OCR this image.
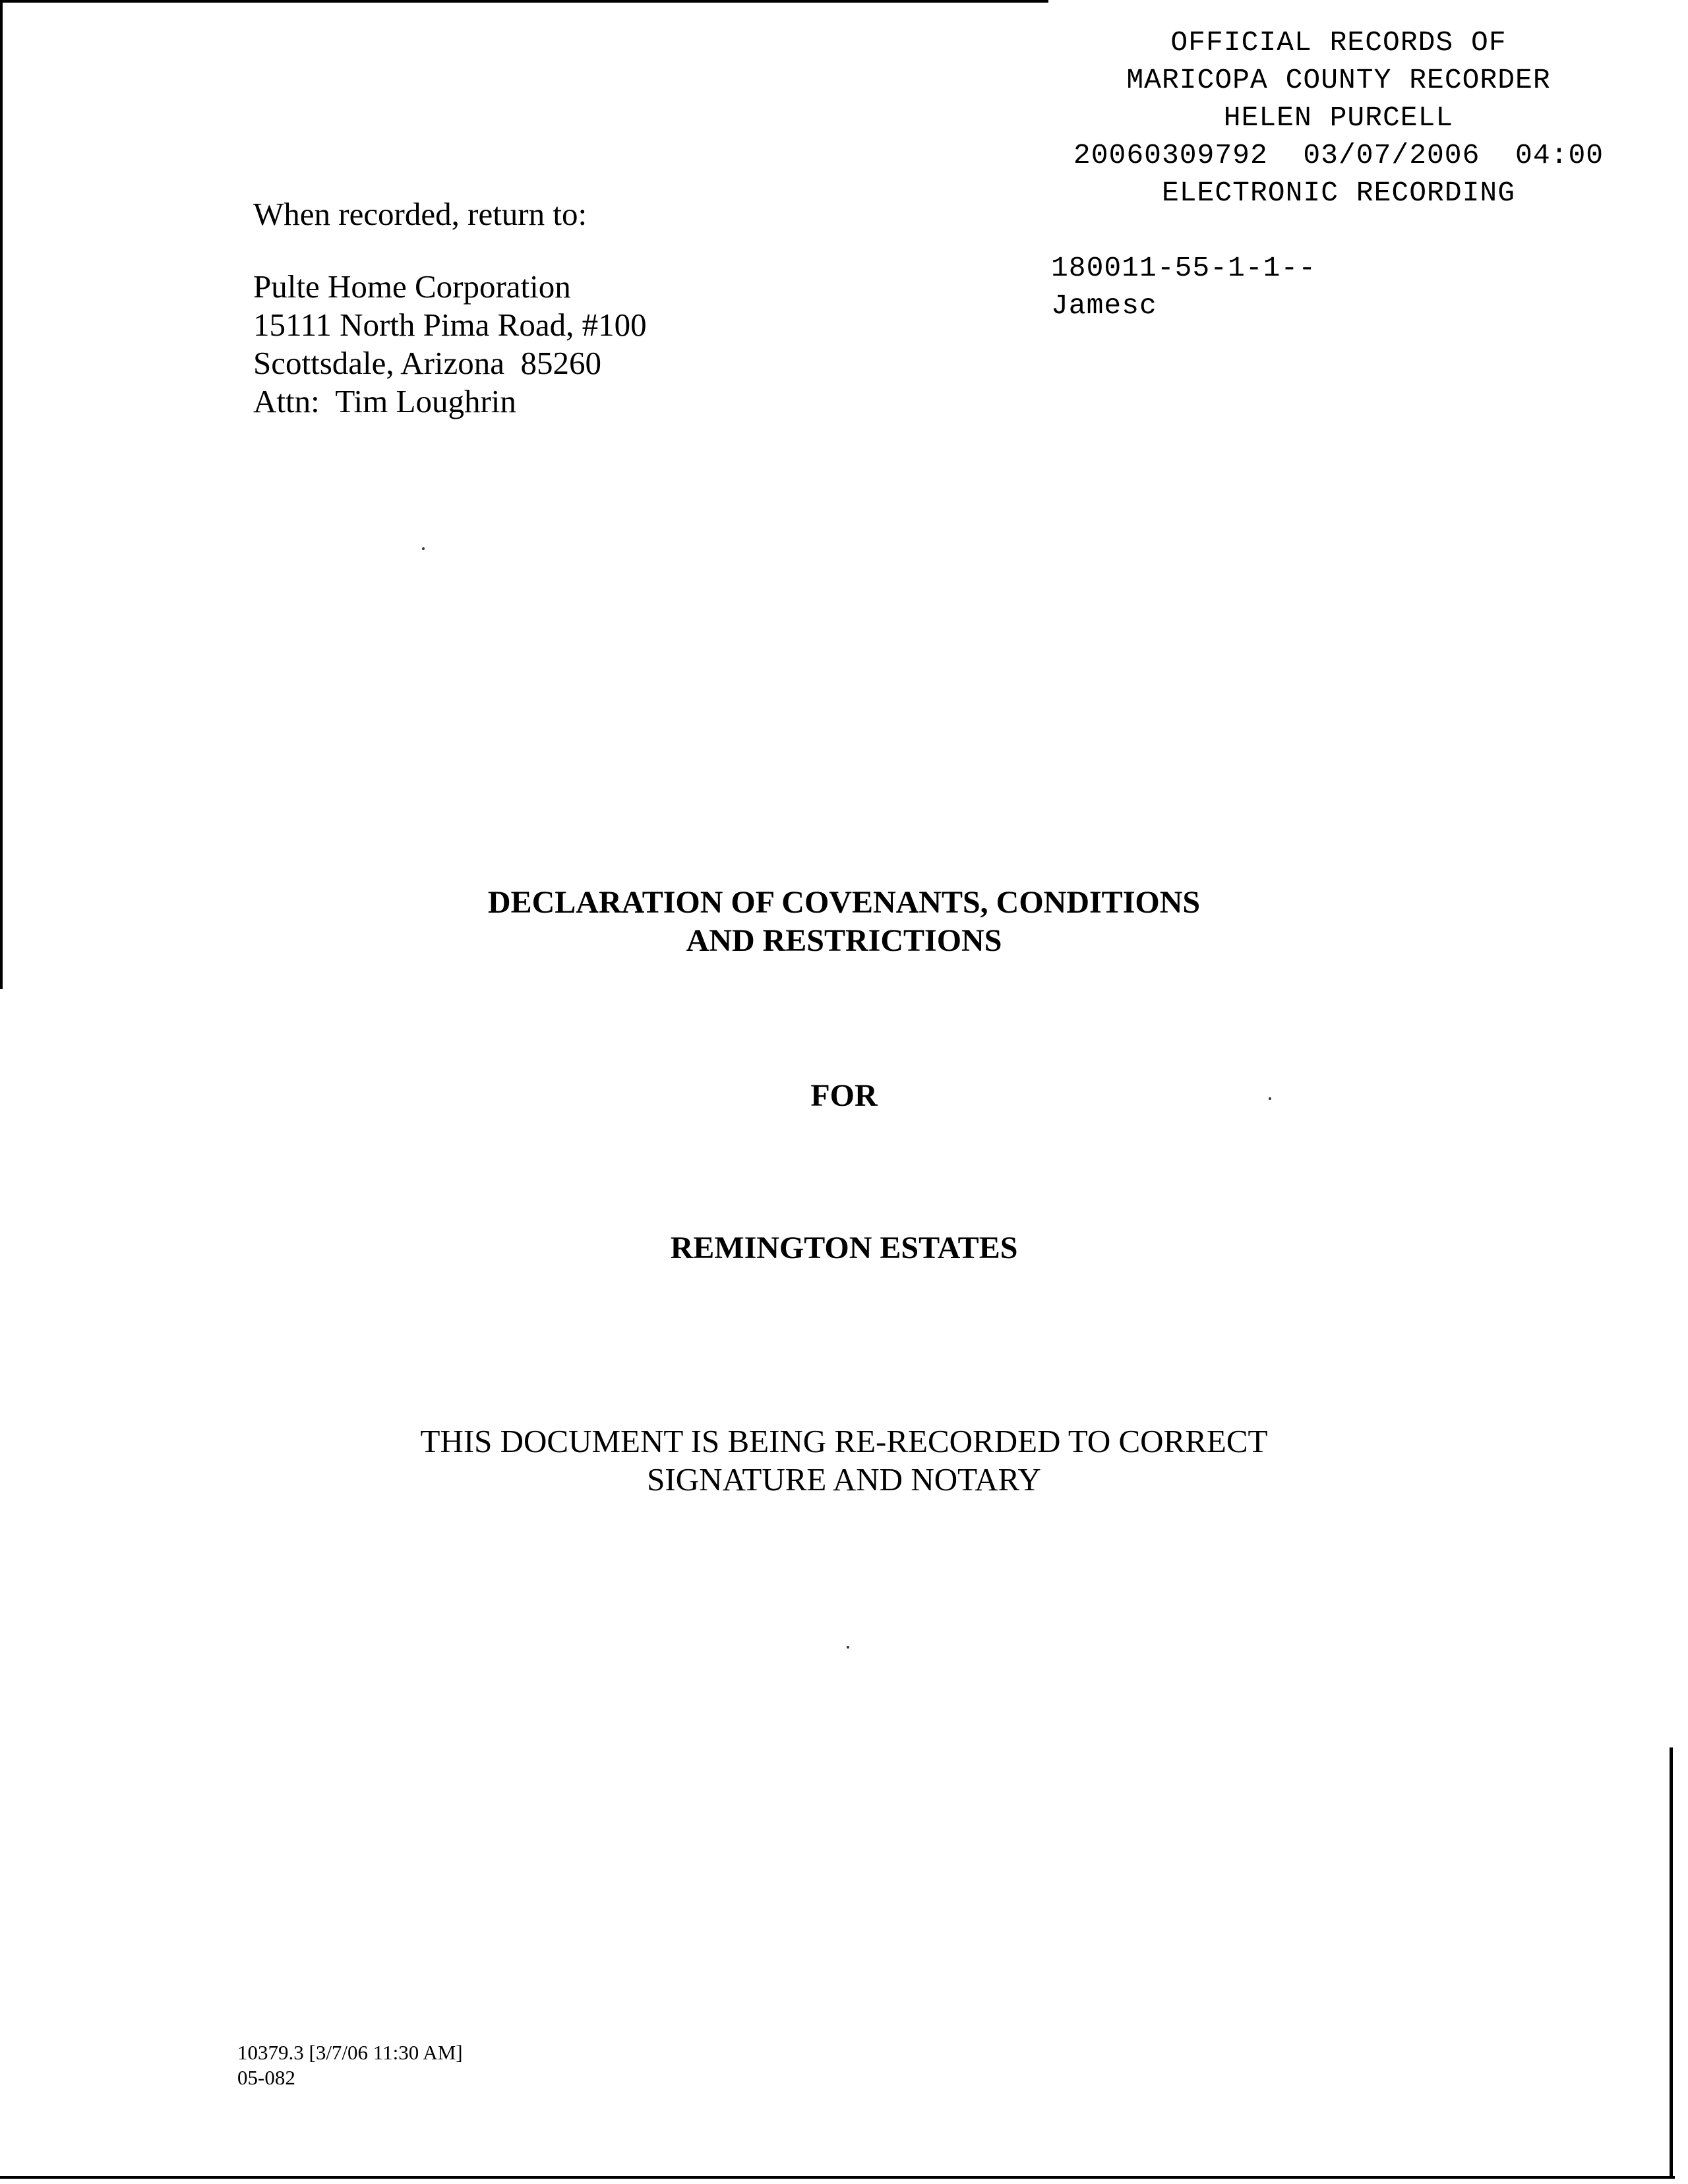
OFFICIAL RECORDS OF
MARICOPA COUNTY RECORDER
HELEN PURCELL
20060309792  03/07/2006  04:00
ELECTRONIC RECORDING
180011-55-1-1--
Jamesc
When recorded, return to:
Pulte Home Corporation
15111 North Pima Road, #100
Scottsdale, Arizona  85260
Attn:  Tim Loughrin
DECLARATION OF COVENANTS, CONDITIONS
AND RESTRICTIONS
FOR
REMINGTON ESTATES
THIS DOCUMENT IS BEING RE-RECORDED TO CORRECT
SIGNATURE AND NOTARY
10379.3 [3/7/06 11:30 AM]
05-082
